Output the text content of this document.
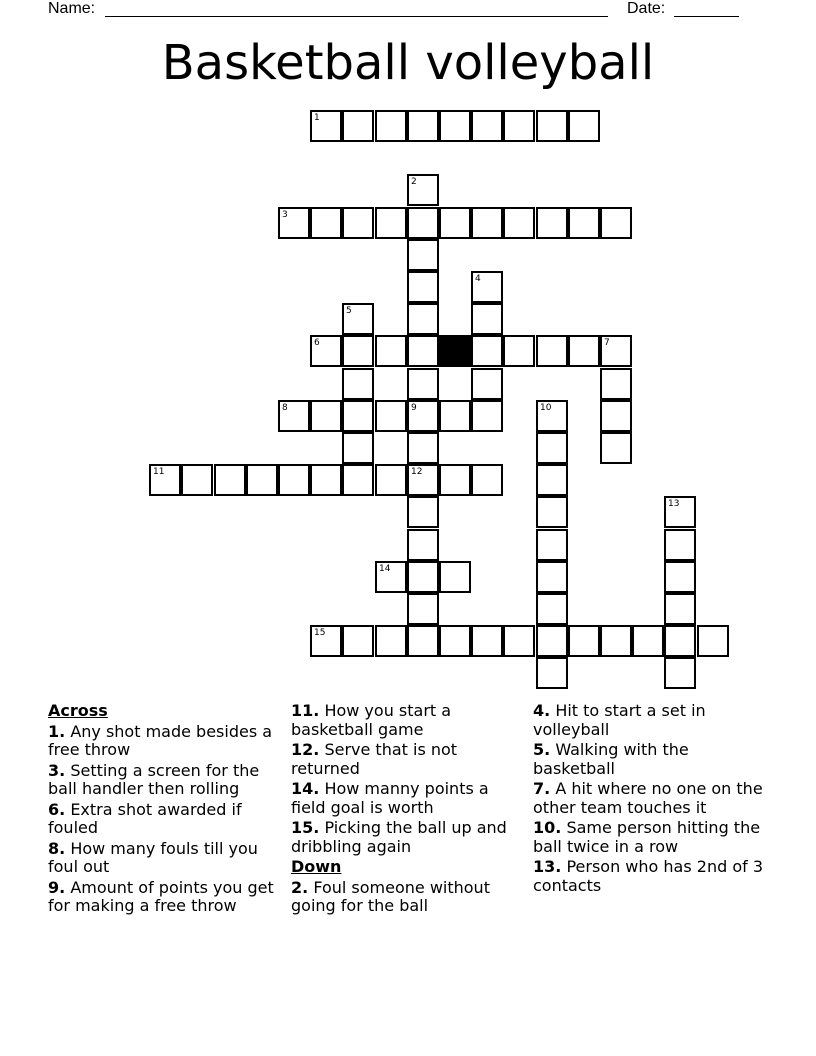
Name:	Date:
Basketball volleyball
1
2
9
12
3
4
5
6	7
8	10
11
13
14
15
Across
1. Any shot made besides a free throw
3. Setting a screen for the ball handler then rolling
6. Extra shot awarded if fouled
8. How many fouls till you foul out
9. Amount of points you get for making a free throw
11. How you start a basketball game
12. Serve that is not returned
14. How manny points a field goal is worth
15. Picking the ball up and dribbling again
Down
2. Foul someone without going for the ball
4. Hit to start a set in volleyball
5. Walking with the basketball
7. A hit where no one on the other team touches it
10. Same person hitting the ball twice in a row
13. Person who has 2nd of 3 contacts
